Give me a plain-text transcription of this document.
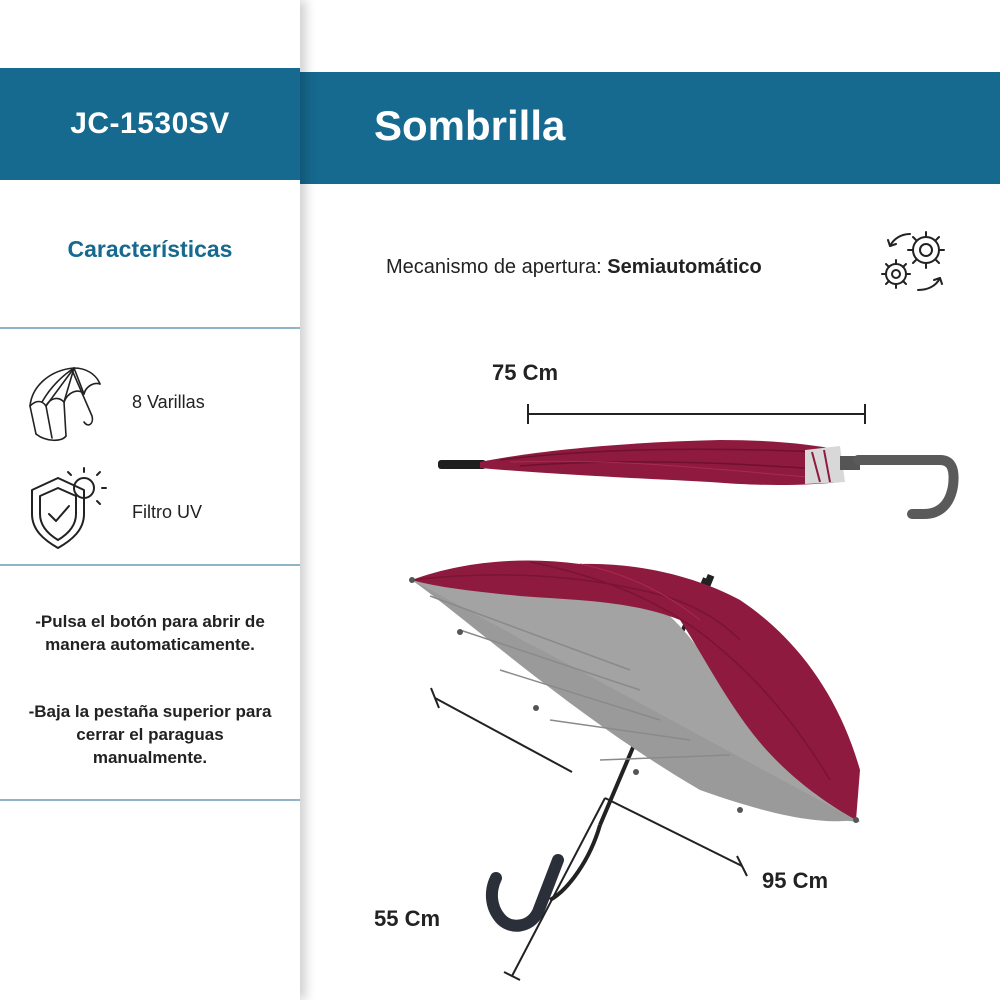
JC-1530SV
Características
8 Varillas
Filtro UV
-Pulsa el botón para abrir de manera automaticamente.
-Baja la pestaña superior para cerrar el paraguas manualmente.
Sombrilla
Mecanismo de apertura: Semiautomático
75 Cm
95 Cm
55 Cm
